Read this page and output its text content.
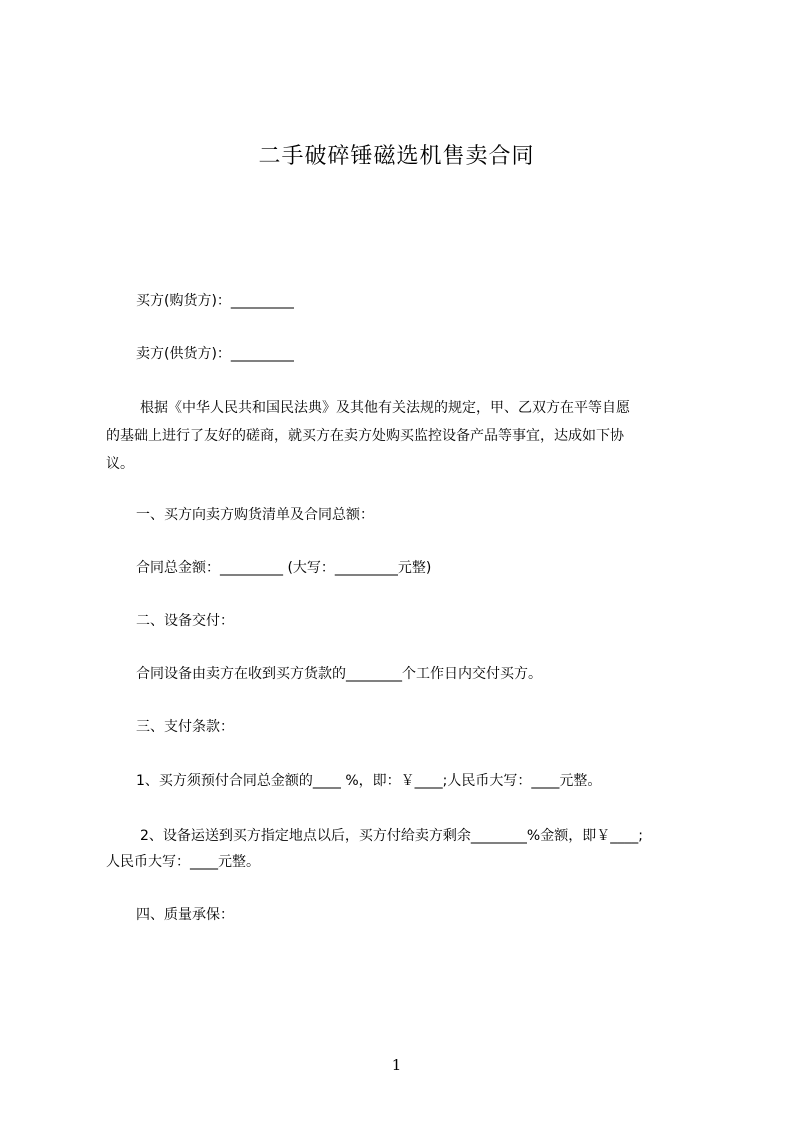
二手破碎锤磁选机售卖合同
买方(购货方)：_________
卖方(供货方)：_________
根据《中华人民共和国民法典》及其他有关法规的规定，甲、乙双方在平等自愿
的基础上进行了友好的磋商，就买方在卖方处购买监控设备产品等事宜，达成如下协
议。
一、买方向卖方购货清单及合同总额：
合同总金额：_________ (大写：_________元整)
二、设备交付：
合同设备由卖方在收到买方货款的________个工作日内交付买方。
三、支付条款：
1、买方须预付合同总金额的____ %，即：￥____;人民币大写：____元整。
2、设备运送到买方指定地点以后，买方付给卖方剩余________%金额，即￥____;
人民币大写：____元整。
四、质量承保：
1
